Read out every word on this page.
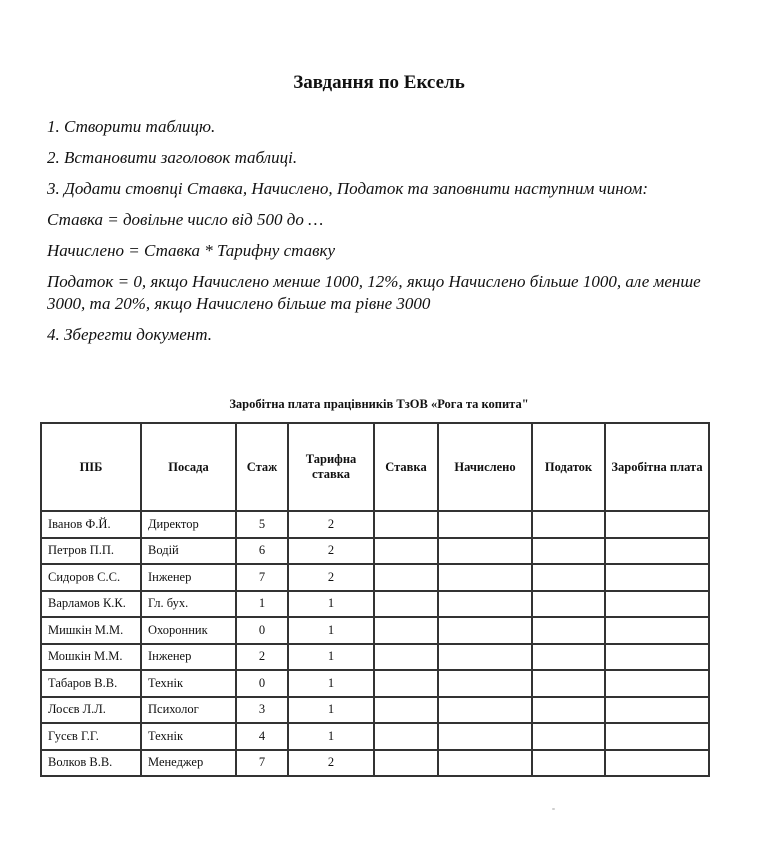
Завдання по Ексель
1. Створити таблицю.
2. Встановити заголовок таблиці.
3. Додати стовпці Ставка, Начислено, Податок та заповнити наступним чином:
Ставка = довільне число від 500 до …
Начислено = Ставка * Тарифну ставку
Податок = 0, якщо Начислено менше 1000, 12%, якщо Начислено більше 1000, але менше 3000, та 20%, якщо Начислено більше та рівне 3000
4. Зберегти документ.
Заробітна плата працівників ТзОВ «Рога та копита"
ПІБ	Посада	Стаж	Тарифна ставка	Ставка	Начислено	Податок	Заробітна плата
Іванов Ф.Й.	Директор	5	2				
Петров П.П.	Водій	6	2				
Сидоров С.С.	Інженер	7	2				
Варламов К.К.	Гл. бух.	1	1				
Мишкін М.М.	Охоронник	0	1				
Мошкін М.М.	Інженер	2	1				
Табаров В.В.	Технік	0	1				
Лосєв Л.Л.	Психолог	3	1				
Гусєв Г.Г.	Технік	4	1				
Волков В.В.	Менеджер	7	2				
